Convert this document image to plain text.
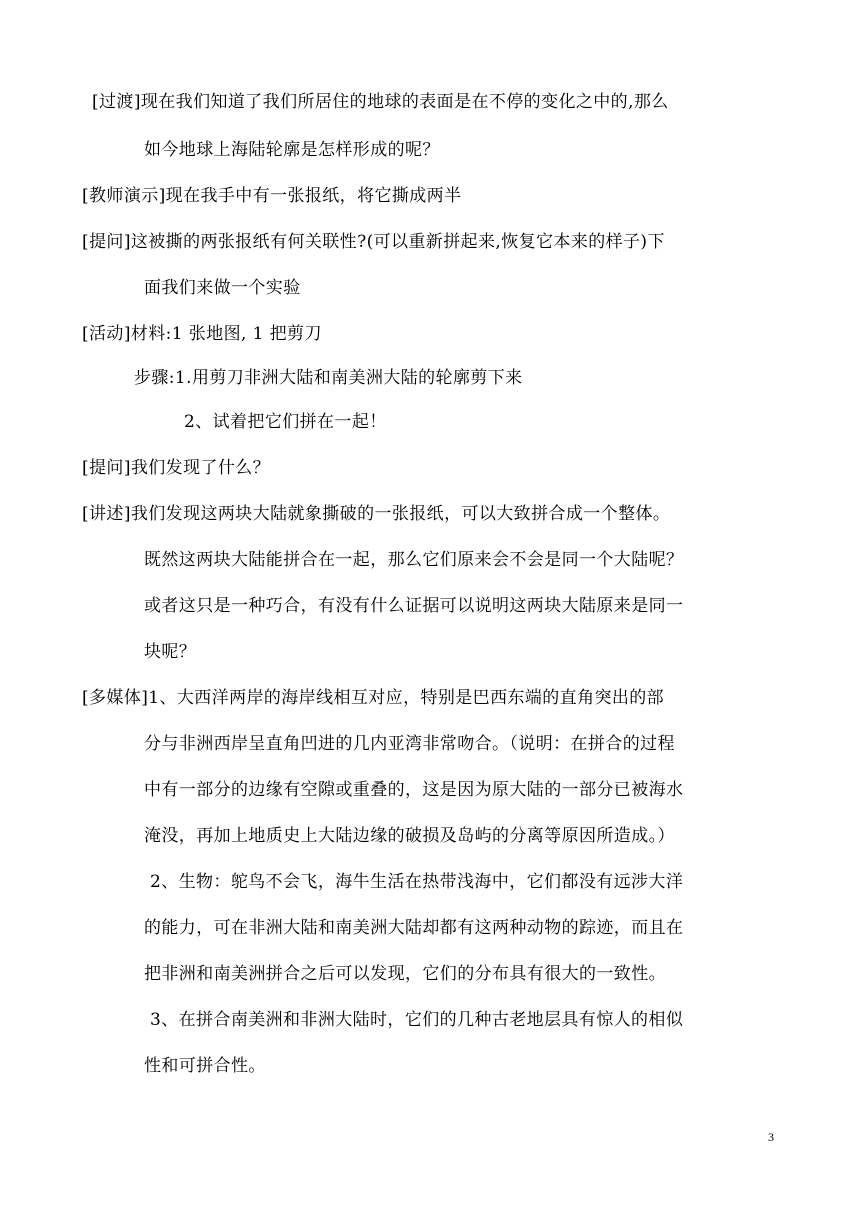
[过渡]现在我们知道了我们所居住的地球的表面是在不停的变化之中的,那么
如今地球上海陆轮廓是怎样形成的呢？
[教师演示]现在我手中有一张报纸，将它撕成两半
[提问]这被撕的两张报纸有何关联性?(可以重新拼起来,恢复它本来的样子)下
面我们来做一个实验
[活动]材料:1 张地图, 1 把剪刀
步骤:1.用剪刀非洲大陆和南美洲大陆的轮廓剪下来
2、试着把它们拼在一起！
[提问]我们发现了什么？
[讲述]我们发现这两块大陆就象撕破的一张报纸，可以大致拼合成一个整体。
既然这两块大陆能拼合在一起，那么它们原来会不会是同一个大陆呢？
或者这只是一种巧合，有没有什么证据可以说明这两块大陆原来是同一
块呢？
[多媒体]1、大西洋两岸的海岸线相互对应，特别是巴西东端的直角突出的部
分与非洲西岸呈直角凹进的几内亚湾非常吻合。（说明：在拼合的过程
中有一部分的边缘有空隙或重叠的，这是因为原大陆的一部分已被海水
淹没，再加上地质史上大陆边缘的破损及岛屿的分离等原因所造成。）
2、生物：鸵鸟不会飞，海牛生活在热带浅海中，它们都没有远涉大洋
的能力，可在非洲大陆和南美洲大陆却都有这两种动物的踪迹，而且在
把非洲和南美洲拼合之后可以发现，它们的分布具有很大的一致性。
3、在拼合南美洲和非洲大陆时，它们的几种古老地层具有惊人的相似
性和可拼合性。
3
